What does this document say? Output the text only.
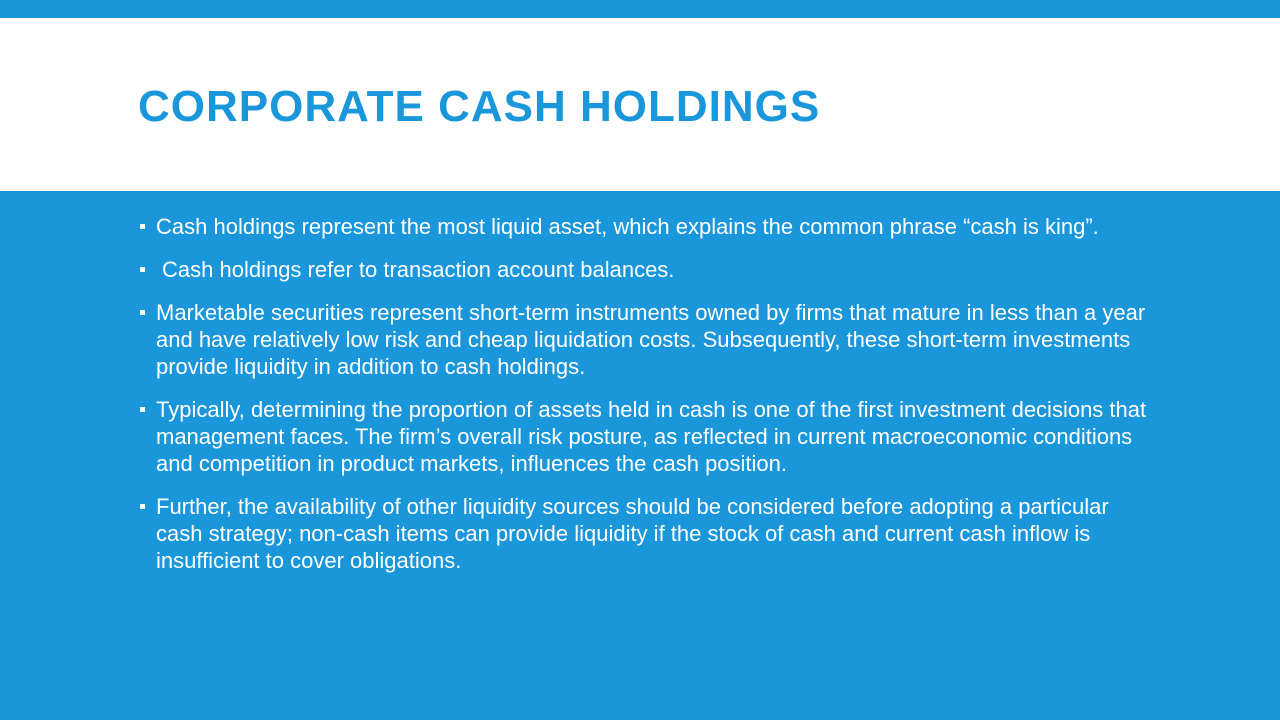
CORPORATE CASH HOLDINGS
Cash holdings represent the most liquid asset, which explains the common phrase “cash is king”.
Cash holdings refer to transaction account balances.
Marketable securities represent short-term instruments owned by firms that mature in less than a year and have relatively low risk and cheap liquidation costs. Subsequently, these short-term investments provide liquidity in addition to cash holdings.
Typically, determining the proportion of assets held in cash is one of the first investment decisions that management faces. The firm’s overall risk posture, as reflected in current macroeconomic conditions and competition in product markets, influences the cash position.
Further, the availability of other liquidity sources should be considered before adopting a particular cash strategy; non-cash items can provide liquidity if the stock of cash and current cash inflow is insufficient to cover obligations.
